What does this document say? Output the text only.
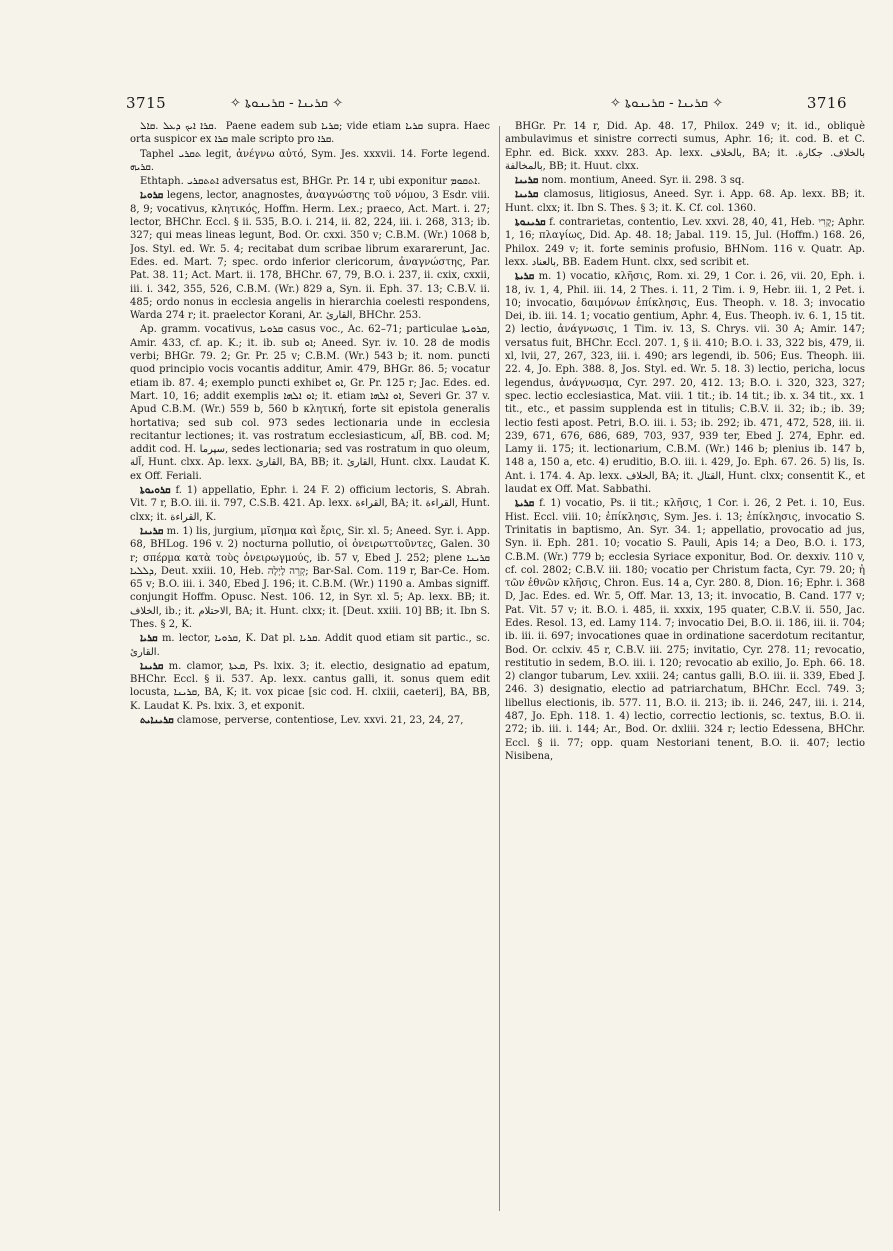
3715	✧ ܩܪܝܢܐ - ܩܪܝܢܘܬܐ ✧	✧ ܩܪܝܢܐ - ܩܪܝܢܘܬܐ ✧	3716

ܩܪܐ ܐܝܟ ܕܥܠ .ܩܐܠ. ‎ Paene eadem sub ܩܪܝܐ; vide etiam ܩܪܝܐ supra. Haec orta suspicor ex ܩܪܐ male scripto pro ܩܪܐ.

Taphel ܬܩܪܝ legit, ἀνέγνω αὐτό, Sym. Jes. xxxvii. 14. Forte legend. ܩܪܝܗ.

Ethtaph. ܐܬܬܩܪܝ adversatus est, BHGr. Pr. 14 r, ubi exponitur ܐܬܩܘܡ.

ܩܪܘܝܐ legens, lector, anagnostes, ἀναγνώστης τοῦ νόμου, 3 Esdr. viii. 8, 9; vocativus, κλητικός, Hoffm. Herm. Lex.; praeco, Act. Mart. i. 27; lector, BHChr. Eccl. § ii. 535, B.O. i. 214, ii. 82, 224, iii. i. 268, 313; ib. 327; qui meas lineas legunt, Bod. Or. cxxi. 350 v; C.B.M. (Wr.) 1068 b, Jos. Styl. ed. Wr. 5. 4; recitabat dum scribae librum exararerunt, Jac. Edes. ed. Mart. 7; spec. ordo inferior clericorum, ἀναγνώστης, Par. Pat. 38. 11; Act. Mart. ii. 178, BHChr. 67, 79, B.O. i. 237, ii. cxix, cxxii, iii. i. 342, 355, 526, C.B.M. (Wr.) 829 a, Syn. ii. Eph. 37. 13; C.B.V. ii. 485; ordo nonus in ecclesia angelis in hierarchia coelesti respondens, Warda 274 r; it. praelector Korani, Ar. القارئ, BHChr. 253.

Ap. gramm. vocativus, ܩܪܘܝܐ casus voc., Ac. 62–71; particulae ܩܪܘܝܬܐ, Amir. 433, cf. ap. K.; it. ib. sub ܐܘ; Aneed. Syr. iv. 10. 28 de modis verbi; BHGr. 79. 2; Gr. Pr. 25 v; C.B.M. (Wr.) 543 b; it. nom. puncti quod principio vocis vocantis additur, Amir. 479, BHGr. 86. 5; vocatur etiam ib. 87. 4; exemplo puncti exhibet ܐܘ, Gr. Pr. 125 r; Jac. Edes. ed. Mart. 10, 16; addit exemplis ܐܘ ܐܠܗܐ; it. etiam ܐܘ ܐܠܗܐ, Severi Gr. 37 v. Apud C.B.M. (Wr.) 559 b, 560 b κλητική, forte sit epistola generalis hortativa; sed sub col. 973 sedes lectionaria unde in ecclesia recitantur lectiones; it. vas rostratum ecclesiasticum, آلة, BB. cod. M; addit cod. H. سپرما, sedes lectionaria; sed vas rostratum in quo oleum, آلة, Hunt. clxx. Ap. lexx. القارئ, BA, BB; it. القارئ, Hunt. clxx. Laudat K. ex Off. Feriali.

ܩܪܘܝܘܬܐ f. 1) appellatio, Ephr. i. 24 F. 2) officium lectoris, S. Abrah. Vit. 7 r, B.O. iii. ii. 797, C.S.B. 421. Ap. lexx. القراءة, BA; it. القراءة, Hunt. clxx; it. القراءة, K.

ܩܪܝܢܐ m. 1) lis, jurgium, μῖσημα καὶ ἔρις, Sir. xl. 5; Aneed. Syr. i. App. 68, BHLog. 196 v. 2) nocturna pollutio, οἱ ὀνειρωττοῦντες, Galen. 30 r; σπέρμα κατὰ τοὺς ὀνειρωγμούς, ib. 57 v, Ebed J. 252; plene ܩܪܝܢܐ ܕܠܠܝܐ, Deut. xxiii. 10, Heb. קְרֵה לָיְלָה; Bar-Sal. Com. 119 r, Bar-Ce. Hom. 65 v; B.O. iii. i. 340, Ebed J. 196; it. C.B.M. (Wr.) 1190 a. Ambas signiff. conjungit Hoffm. Opusc. Nest. 106. 12, in Syr. xl. 5; Ap. lexx. BB; it. الخلاف, ib.; it. الاحتلام, BA; it. Hunt. clxx; it. [Deut. xxiii. 10] BB; it. Ibn S. Thes. § 2, K.

ܩܪܝܐ m. lector, ܩܪܘܝܐ, K. Dat pl. ܩܪܝܐ. Addit quod etiam sit partic., sc. القارئ.

ܩܪܝܢܐ m. clamor, ܩܥܬܐ, Ps. lxix. 3; it. electio, designatio ad epatum, BHChr. Eccl. § ii. 537. Ap. lexx. cantus galli, it. sonus quem edit locusta, ܩܪܝܢܐ, BA, K; it. vox picae [sic cod. H. clxiii, caeteri], BA, BB, K. Laudat K. Ps. lxix. 3, et exponit.

ܩܪܝܢܐܝܬ clamose, perverse, contentiose, Lev. xxvi. 21, 23, 24, 27,

BHGr. Pr. 14 r, Did. Ap. 48. 17, Philox. 249 v; it. id., obliquè ambulavimus et sinistre correcti sumus, Aphr. 16; it. cod. B. et C. Ephr. ed. Bick. xxxv. 283. Ap. lexx. بالخلاف, BA; it. بالخلاف. جكارة. بالمخالفة, BB; it. Huut. clxx.

ܩܪܝܢܐ nom. montium, Aneed. Syr. ii. 298. 3 sq.

ܩܪܝܢܐ clamosus, litigiosus, Aneed. Syr. i. App. 68. Ap. lexx. BB; it. Hunt. clxx; it. Ibn S. Thes. § 3; it. K. Cf. col. 1360.

ܩܪܝܢܘܬܐ f. contrarietas, contentio, Lev. xxvi. 28, 40, 41, Heb. קֶרִי; Aphr. 1, 16; πλαγίως, Did. Ap. 48. 18; Jabal. 119. 15, Jul. (Hoffm.) 168. 26, Philox. 249 v; it. forte seminis profusio, BHNom. 116 v. Quatr. Ap. lexx. بالعناد, BB. Eadem Hunt. clxx, sed scribit et.

ܩܪܝܬܐ m. 1) vocatio, κλῆσις, Rom. xi. 29, 1 Cor. i. 26, vii. 20, Eph. i. 18, iv. 1, 4, Phil. iii. 14, 2 Thes. i. 11, 2 Tim. i. 9, Hebr. iii. 1, 2 Pet. i. 10; invocatio, δαιμόνων ἐπίκλησις, Eus. Theoph. v. 18. 3; invocatio Dei, ib. iii. 14. 1; vocatio gentium, Aphr. 4, Eus. Theoph. iv. 6. 1, 15 tit. 2) lectio, ἀνάγνωσις, 1 Tim. iv. 13, S. Chrys. vii. 30 A; Amir. 147; versatus fuit, BHChr. Eccl. 207. 1, § ii. 410; B.O. i. 33, 322 bis, 479, ii. xl, lvii, 27, 267, 323, iii. i. 490; ars legendi, ib. 506; Eus. Theoph. iii. 22. 4, Jo. Eph. 388. 8, Jos. Styl. ed. Wr. 5. 18. 3) lectio, pericha, locus legendus, ἀνάγνωσμα, Cyr. 297. 20, 412. 13; B.O. i. 320, 323, 327; spec. lectio ecclesiastica, Mat. viii. 1 tit.; ib. 14 tit.; ib. x. 34 tit., xx. 1 tit., etc., et passim supplenda est in titulis; C.B.V. ii. 32; ib.; ib. 39; lectio festi apost. Petri, B.O. iii. i. 53; ib. 292; ib. 471, 472, 528, iii. ii. 239, 671, 676, 686, 689, 703, 937, 939 ter, Ebed J. 274, Ephr. ed. Lamy ii. 175; it. lectionarium, C.B.M. (Wr.) 146 b; plenius ib. 147 b, 148 a, 150 a, etc. 4) eruditio, B.O. iii. i. 429, Jo. Eph. 67. 26. 5) lis, Is. Ant. i. 174. 4. Ap. lexx. الخلاف, BA; it. القتال, Hunt. clxx; consentit K., et laudat ex Off. Mat. Sabbathi.

ܩܪܝܬܐ f. 1) vocatio, Ps. ii tit.; κλῆσις, 1 Cor. i. 26, 2 Pet. i. 10, Eus. Hist. Eccl. viii. 10; ἐπίκλησις, Sym. Jes. i. 13; ἐπίκλησις, invocatio S. Trinitatis in baptismo, An. Syr. 34. 1; appellatio, provocatio ad jus, Syn. ii. Eph. 281. 10; vocatio S. Pauli, Apis 14; a Deo, B.O. i. 173, C.B.M. (Wr.) 779 b; ecclesia Syriace exponitur, Bod. Or. dexxiv. 110 v, cf. col. 2802; C.B.V. iii. 180; vocatio per Christum facta, Cyr. 79. 20; ἡ τῶν ἐθνῶν κλῆσις, Chron. Eus. 14 a, Cyr. 280. 8, Dion. 16; Ephr. i. 368 D, Jac. Edes. ed. Wr. 5, Off. Mar. 13, 13; it. invocatio, B. Cand. 177 v; Pat. Vit. 57 v; it. B.O. i. 485, ii. xxxix, 195 quater, C.B.V. ii. 550, Jac. Edes. Resol. 13, ed. Lamy 114. 7; invocatio Dei, B.O. ii. 186, iii. ii. 704; ib. iii. ii. 697; invocationes quae in ordinatione sacerdotum recitantur, Bod. Or. cclxiv. 45 r, C.B.V. iii. 275; invitatio, Cyr. 278. 11; revocatio, restitutio in sedem, B.O. iii. i. 120; revocatio ab exilio, Jo. Eph. 66. 18. 2) clangor tubarum, Lev. xxiii. 24; cantus galli, B.O. iii. ii. 339, Ebed J. 246. 3) designatio, electio ad patriarchatum, BHChr. Eccl. 749. 3; libellus electionis, ib. 577. 11, B.O. ii. 213; ib. ii. 246, 247, iii. i. 214, 487, Jo. Eph. 118. 1. 4) lectio, correctio lectionis, sc. textus, B.O. ii. 272; ib. iii. i. 144; Ar., Bod. Or. dxliii. 324 r; lectio Edessena, BHChr. Eccl. § ii. 77; opp. quam Nestoriani tenent, B.O. ii. 407; lectio Nisibena,
